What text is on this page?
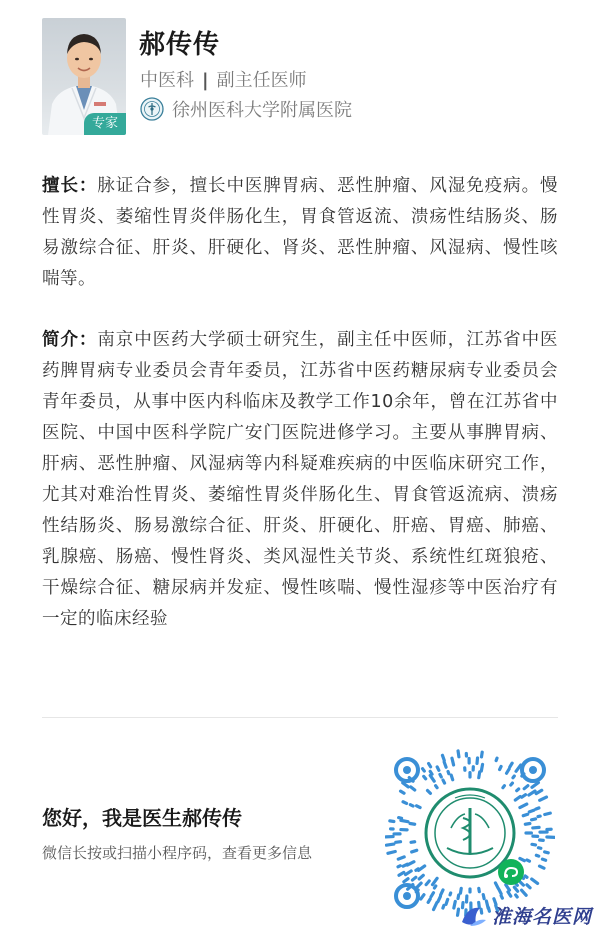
专家
郝传传
中医科 | 副主任医师
徐州医科大学附属医院
擅长：脉证合参，擅长中医脾胃病、恶性肿瘤、风湿免疫病。慢性胃炎、萎缩性胃炎伴肠化生，胃食管返流、溃疡性结肠炎、肠易激综合征、肝炎、肝硬化、肾炎、恶性肿瘤、风湿病、慢性咳喘等。
简介：南京中医药大学硕士研究生，副主任中医师，江苏省中医药脾胃病专业委员会青年委员，江苏省中医药糖尿病专业委员会青年委员，从事中医内科临床及教学工作10余年，曾在江苏省中医院、中国中医科学院广安门医院进修学习。主要从事脾胃病、肝病、恶性肿瘤、风湿病等内科疑难疾病的中医临床研究工作，尤其对难治性胃炎、萎缩性胃炎伴肠化生、胃食管返流病、溃疡性结肠炎、肠易激综合征、肝炎、肝硬化、肝癌、胃癌、肺癌、乳腺癌、肠癌、慢性肾炎、类风湿性关节炎、系统性红斑狼疮、干燥综合征、糖尿病并发症、慢性咳喘、慢性湿疹等中医治疗有一定的临床经验
您好，我是医生郝传传
微信长按或扫描小程序码，查看更多信息
淮海名医网
